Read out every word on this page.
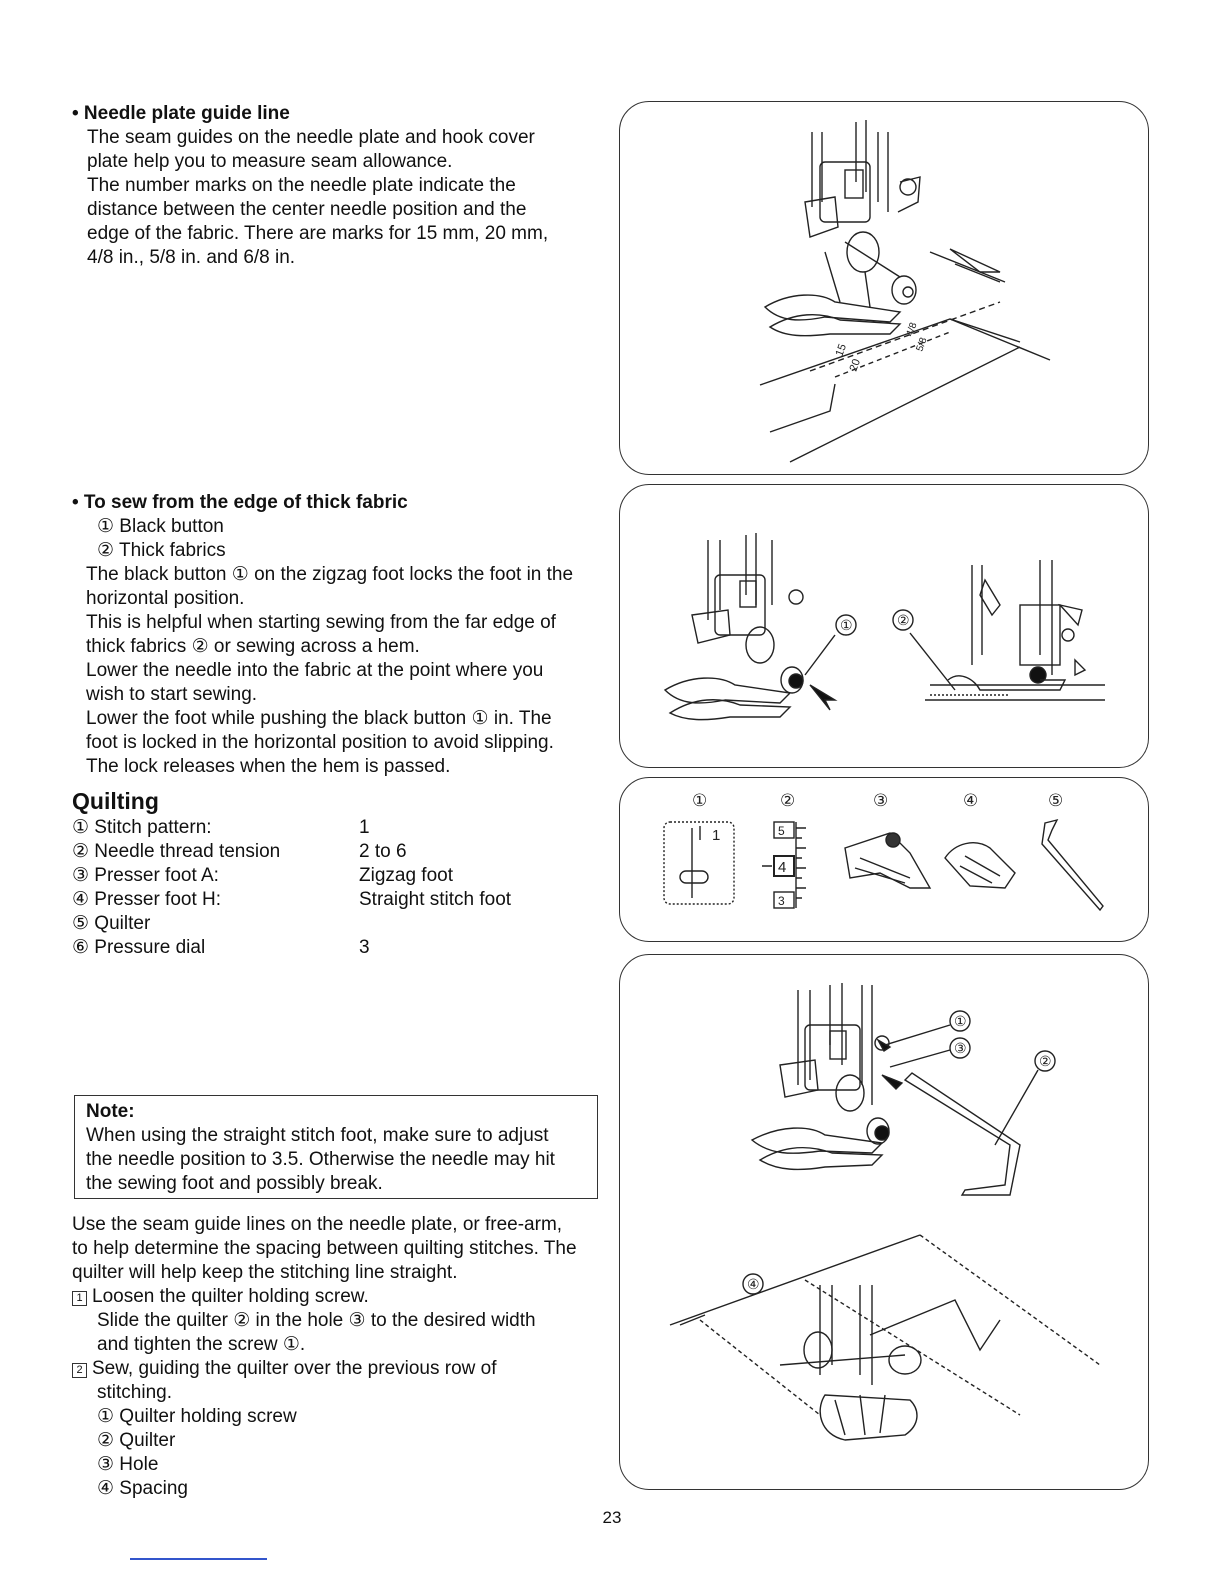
• Needle plate guide line
The seam guides on the needle plate and hook cover
plate help you to measure seam allowance.
The number marks on the needle plate indicate the
distance between the center needle position and the
edge of the fabric. There are marks for 15 mm, 20 mm,
4/8 in., 5/8 in. and 6/8 in.
• To sew from the edge of thick fabric
① Black button
② Thick fabrics
The black button ① on the zigzag foot locks the foot in the
horizontal position.
This is helpful when starting sewing from the far edge of
thick fabrics ② or sewing across a hem.
Lower the needle into the fabric at the point where you
wish to start sewing.
Lower the foot while pushing the black button ① in. The
foot is locked in the horizontal position to avoid slipping.
The lock releases when the hem is passed.
Quilting
① Stitch pattern:	1
② Needle thread tension	2 to 6
③ Presser foot A:	Zigzag foot
④ Presser foot H:	Straight stitch foot
⑤ Quilter
⑥ Pressure dial	3
Note:
When using the straight stitch foot, make sure to adjust
the needle position to 3.5. Otherwise the needle may hit
the sewing foot and possibly break.
Use the seam guide lines on the needle plate, or free-arm,
to help determine the spacing between quilting stitches. The
quilter will help keep the stitching line straight.
1 Loosen the quilter holding screw.
Slide the quilter ② in the hole ③ to the desired width
and tighten the screw ①.
2 Sew, guiding the quilter over the previous row of
stitching.
① Quilter holding screw
② Quilter
③ Hole
④ Spacing
15
20
4/8
5/8
①	②
①	②	③	④	⑤
1	5
4
3
①
③
②
④
23
